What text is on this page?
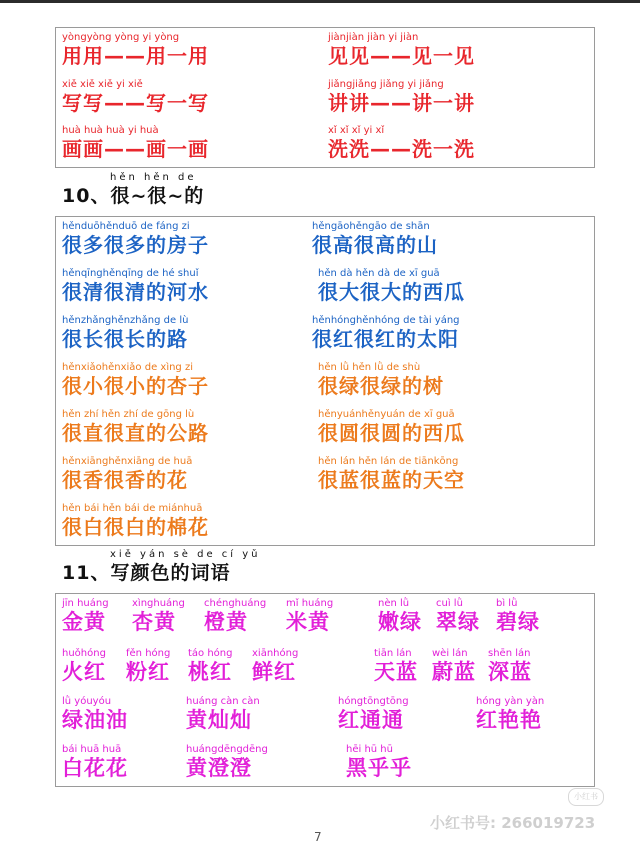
yòngyòng yòng yi yòng
用用——用一用
jiànjiàn jiàn yi jiàn
见见——见一见
xiě xiě xiě yi xiě
写写——写一写
jiǎngjiǎng jiǎng yi jiǎng
讲讲——讲一讲
huà huà huà yi huà
画画——画一画
xǐ xǐ xǐ yi xǐ
洗洗——洗一洗
hěn hěn de
10、很~很~的
hěnduōhěnduō de fáng zi
很多很多的房子
hěngāohěngāo de shān
很高很高的山
hěnqīnghěnqīng de hé shuǐ
很清很清的河水
hěn dà hěn dà de xī guā
很大很大的西瓜
hěnzhǎnghěnzhǎng de lù
很长很长的路
hěnhónghěnhóng de tài yáng
很红很红的太阳
hěnxiǎohěnxiǎo de xìng zi
很小很小的杏子
hěn lǜ hěn lǜ de shù
很绿很绿的树
hěn zhí hěn zhí de gōng lù
很直很直的公路
hěnyuánhěnyuán de xī guā
很圆很圆的西瓜
hěnxiānghěnxiāng de huā
很香很香的花
hěn lán hěn lán de tiānkōng
很蓝很蓝的天空
hěn bái hěn bái de miánhuā
很白很白的棉花
xiě yán sè de cí yǔ
11、写颜色的词语
jīn huáng
金黄
xìnghuáng
杏黄
chénghuáng
橙黄
mǐ huáng
米黄
nèn lǜ
嫩绿
cuì lǜ
翠绿
bì lǜ
碧绿
huǒhóng
火红
fěn hóng
粉红
táo hóng
桃红
xiānhóng
鲜红
tiān lán
天蓝
wèi lán
蔚蓝
shēn lán
深蓝
lǜ yóuyóu
绿油油
huáng càn càn
黄灿灿
hóngtōngtōng
红通通
hóng yàn yàn
红艳艳
bái huā huā
白花花
huángdēngdēng
黄澄澄
hēi hū hū
黑乎乎
小红书
小红书号: 266019723
7
